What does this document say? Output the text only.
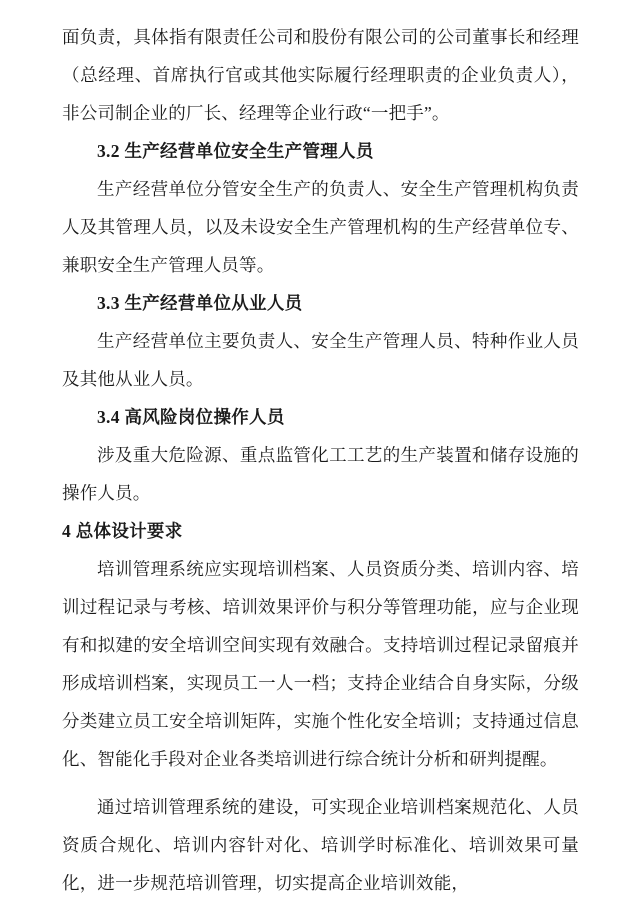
面负责，具体指有限责任公司和股份有限公司的公司董事长和经理（总经理、首席执行官或其他实际履行经理职责的企业负责人），非公司制企业的厂长、经理等企业行政“一把手”。

3.2 生产经营单位安全生产管理人员

生产经营单位分管安全生产的负责人、安全生产管理机构负责人及其管理人员，以及未设安全生产管理机构的生产经营单位专、兼职安全生产管理人员等。

3.3 生产经营单位从业人员

生产经营单位主要负责人、安全生产管理人员、特种作业人员及其他从业人员。

3.4 高风险岗位操作人员

涉及重大危险源、重点监管化工工艺的生产装置和储存设施的操作人员。

4 总体设计要求

培训管理系统应实现培训档案、人员资质分类、培训内容、培训过程记录与考核、培训效果评价与积分等管理功能，应与企业现有和拟建的安全培训空间实现有效融合。支持培训过程记录留痕并形成培训档案，实现员工一人一档；支持企业结合自身实际，分级分类建立员工安全培训矩阵，实施个性化安全培训；支持通过信息化、智能化手段对企业各类培训进行综合统计分析和研判提醒。

通过培训管理系统的建设，可实现企业培训档案规范化、人员资质合规化、培训内容针对化、培训学时标准化、培训效果可量化，进一步规范培训管理，切实提高企业培训效能，
